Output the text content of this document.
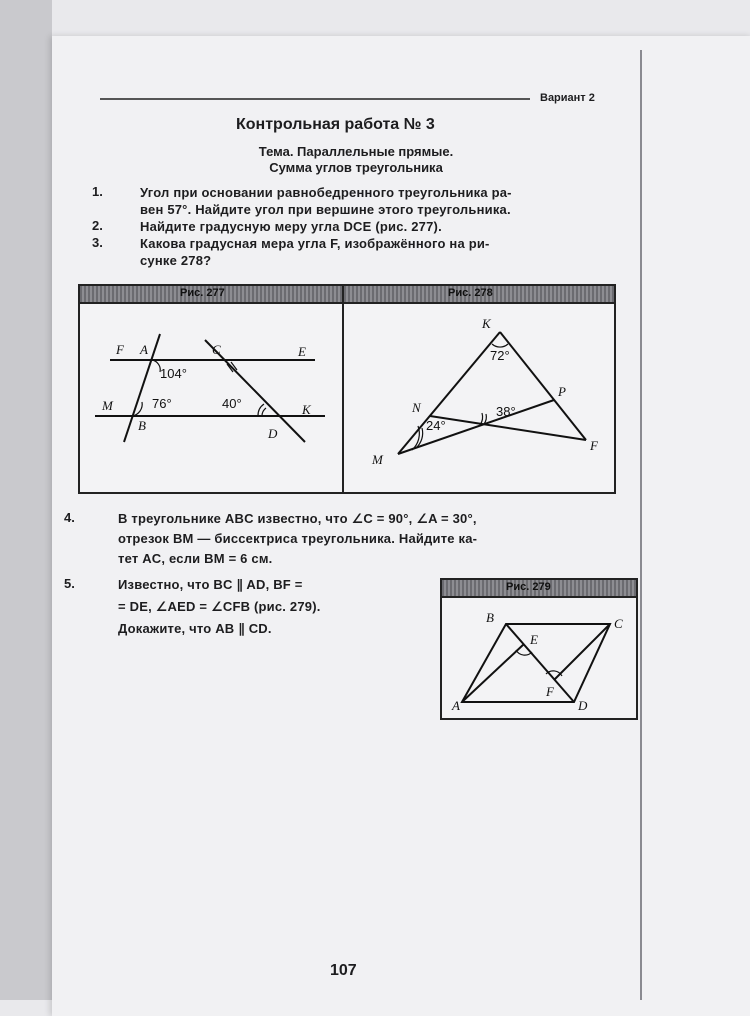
Вариант 2
Контрольная работа № 3
Тема. Параллельные прямые.
Сумма углов треугольника
1.	Угол при основании равнобедренного треугольника ра-
вен 57°. Найдите угол при вершине этого треугольника.
2.	Найдите градусную меру угла DCE (рис. 277).
3.	Какова градусная мера угла F, изображённого на ри-
сунке 278?
Рис. 277	Рис. 278
F A	C	E
M
B
D
K
104°
76°	40°
K
P
N
M
F
72°
24°
38°
4.	В треугольнике ABC известно, что ∠C = 90°, ∠A = 30°,
отрезок BM — биссектриса треугольника. Найдите ка-
тет AC, если BM = 6 см.
5.	Известно, что BC ∥ AD, BF =
= DE, ∠AED = ∠CFB (рис. 279).
Докажите, что AB ∥ CD.
Рис. 279
B	C
E
F
A	D
107
